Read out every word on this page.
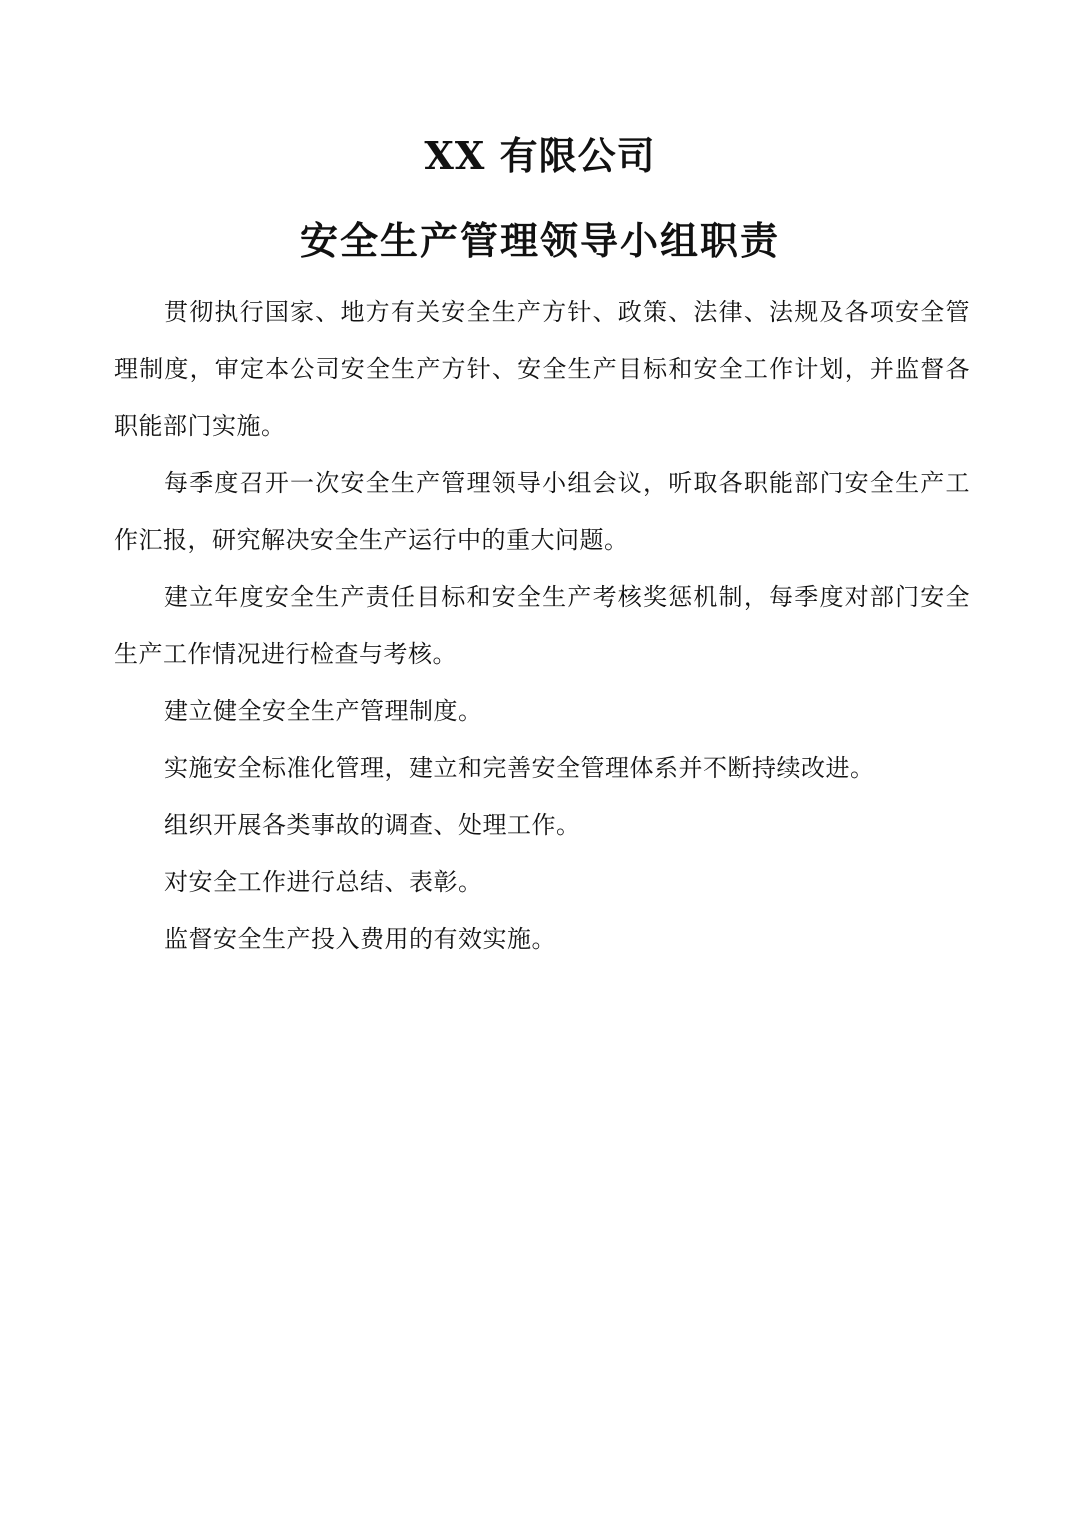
XX 有限公司
安全生产管理领导小组职责

贯彻执行国家、地方有关安全生产方针、政策、法律、法规及各项安全管理制度，审定本公司安全生产方针、安全生产目标和安全工作计划，并监督各职能部门实施。

每季度召开一次安全生产管理领导小组会议，听取各职能部门安全生产工作汇报，研究解决安全生产运行中的重大问题。

建立年度安全生产责任目标和安全生产考核奖惩机制，每季度对部门安全生产工作情况进行检查与考核。

建立健全安全生产管理制度。

实施安全标准化管理，建立和完善安全管理体系并不断持续改进。

组织开展各类事故的调查、处理工作。

对安全工作进行总结、表彰。

监督安全生产投入费用的有效实施。
